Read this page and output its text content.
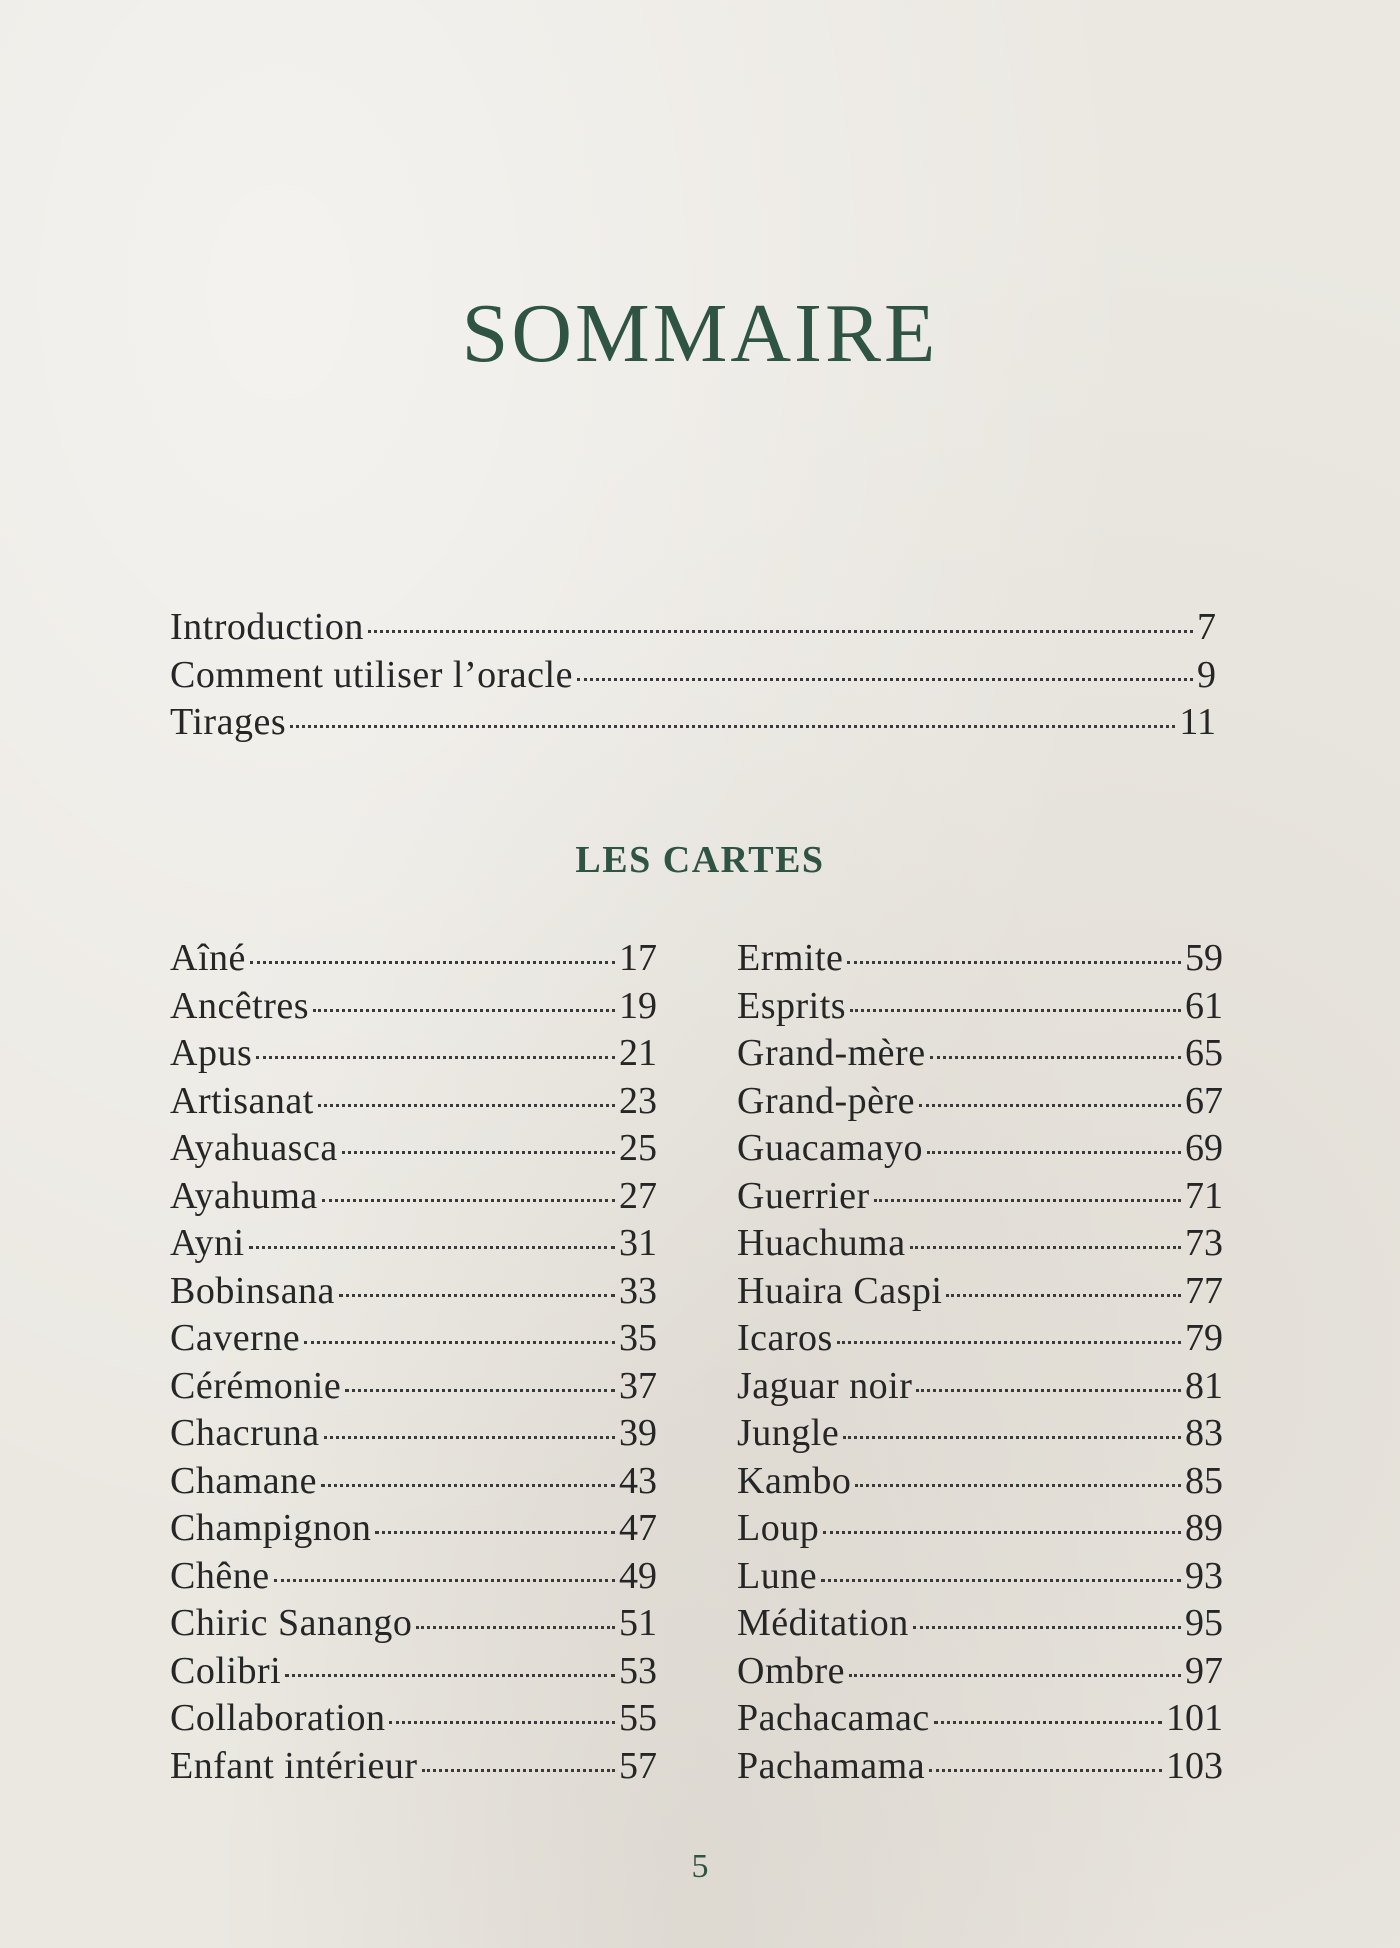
SOMMAIRE
Introduction	7
Comment utiliser l’oracle	9
Tirages	11
LES CARTES
Aîné	17
Ancêtres	19
Apus	21
Artisanat	23
Ayahuasca	25
Ayahuma	27
Ayni	31
Bobinsana	33
Caverne	35
Cérémonie	37
Chacruna	39
Chamane	43
Champignon	47
Chêne	49
Chiric Sanango	51
Colibri	53
Collaboration	55
Enfant intérieur	57
Ermite	59
Esprits	61
Grand-mère	65
Grand-père	67
Guacamayo	69
Guerrier	71
Huachuma	73
Huaira Caspi	77
Icaros	79
Jaguar noir	81
Jungle	83
Kambo	85
Loup	89
Lune	93
Méditation	95
Ombre	97
Pachacamac	101
Pachamama	103
5
